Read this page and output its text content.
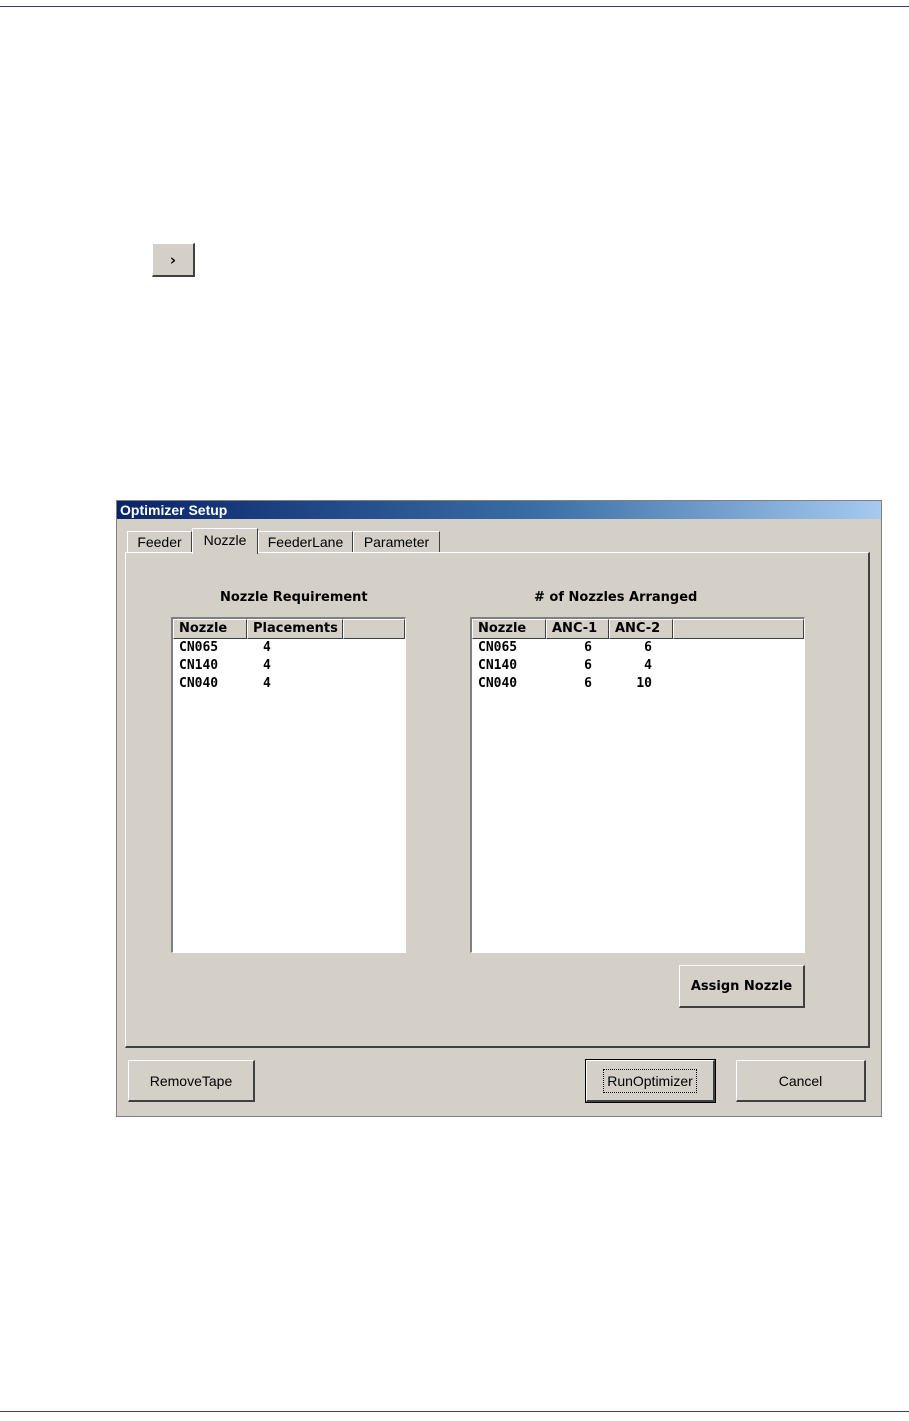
›
Optimizer Setup
Feeder	Nozzle	FeederLane	Parameter
Nozzle Requirement
Nozzle	Placements
CN065	4
CN140	4
CN040	4
# of Nozzles Arranged
Nozzle	ANC-1	ANC-2
CN065	6	6
CN140	6	4
CN040	6	10
Assign Nozzle
RemoveTape	RunOptimizer	Cancel
